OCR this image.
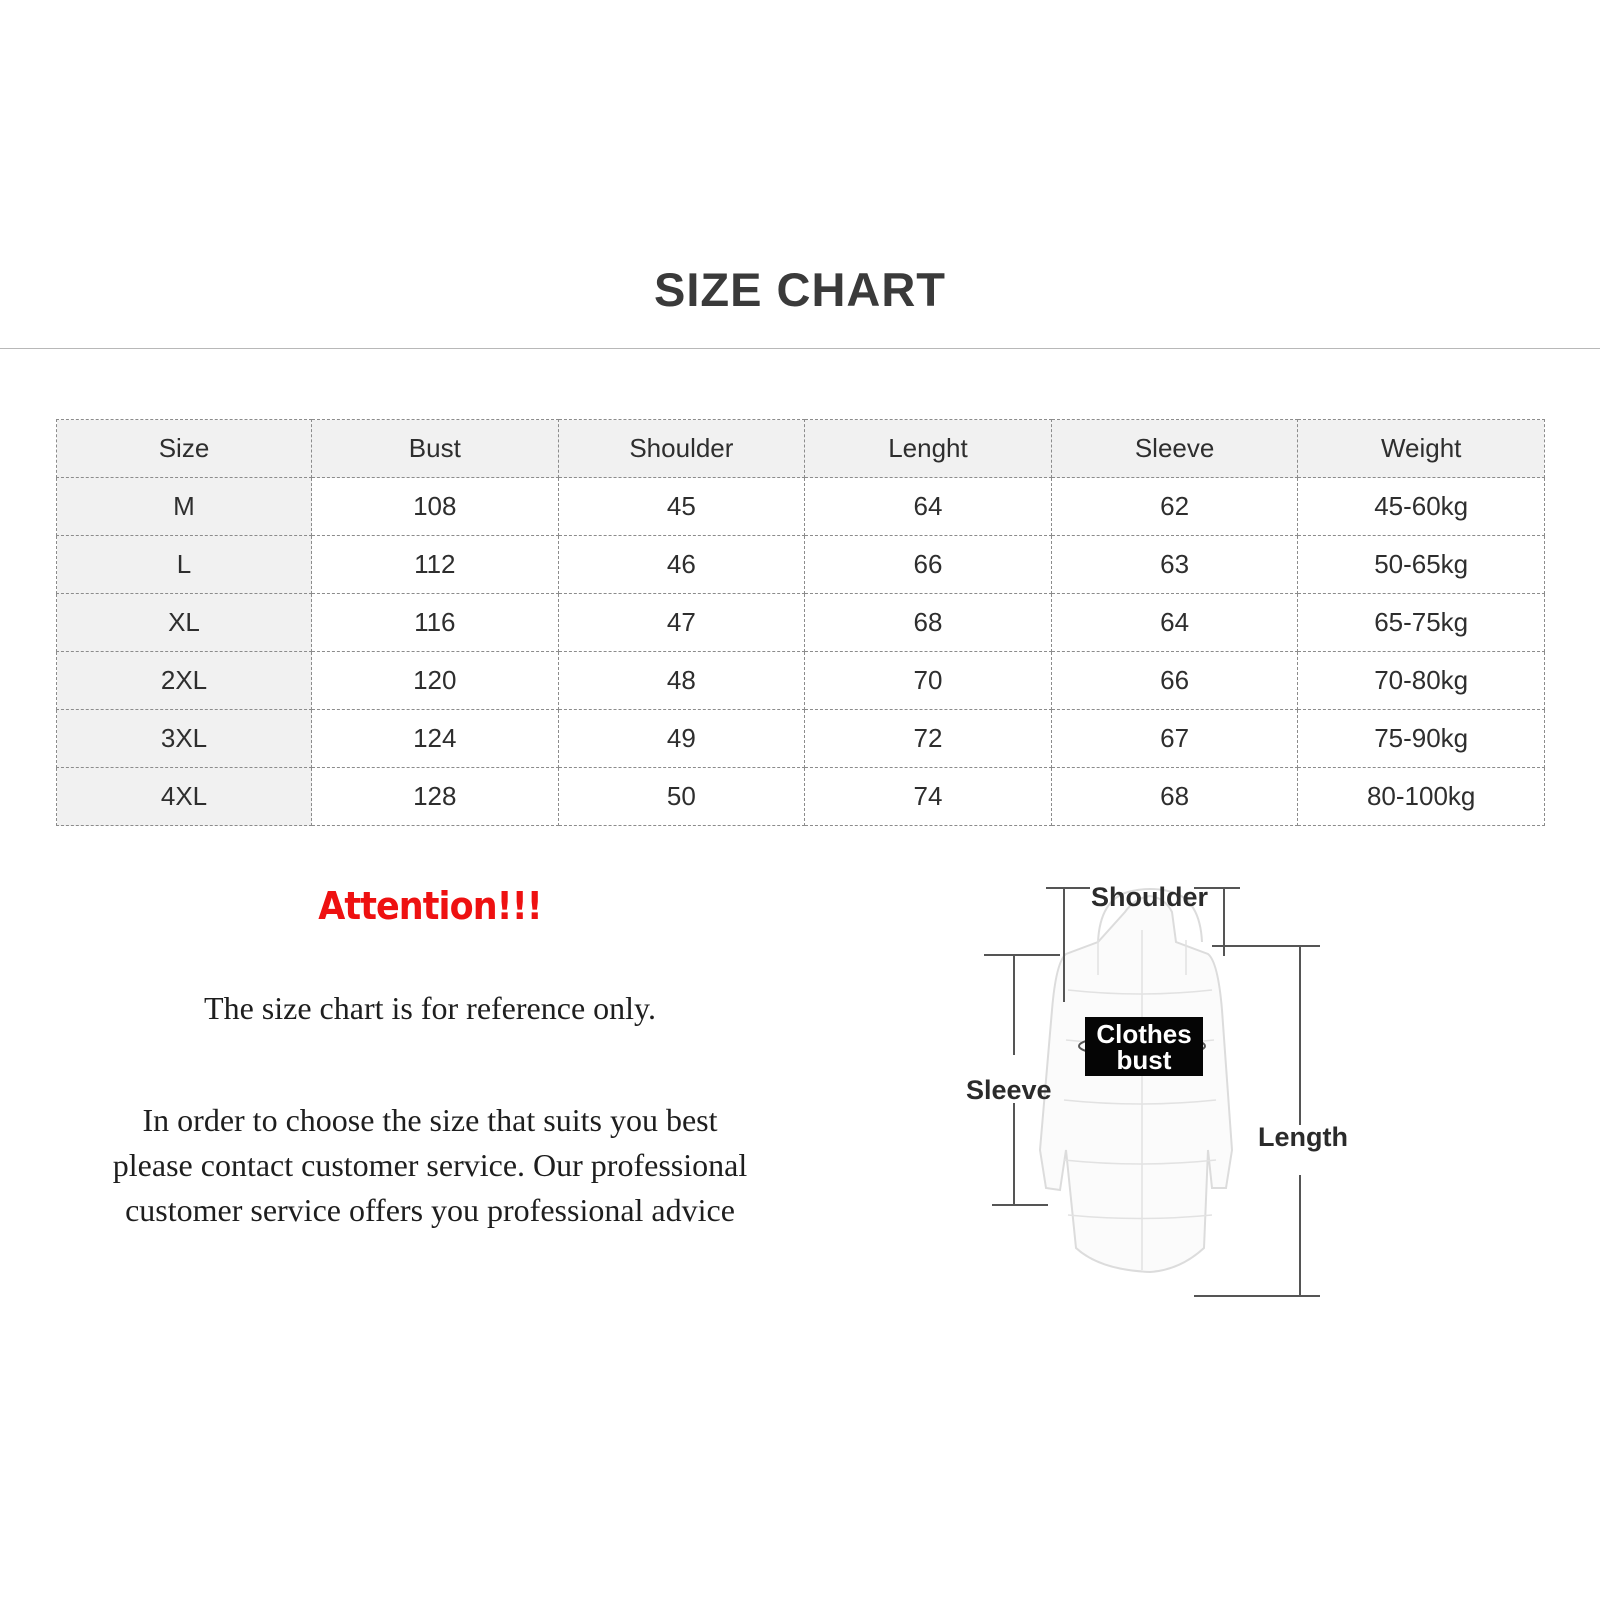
SIZE CHART
Size	Bust	Shoulder	Lenght	Sleeve	Weight
M	108	45	64	62	45-60kg
L	112	46	66	63	50-65kg
XL	116	47	68	64	65-75kg
2XL	120	48	70	66	70-80kg
3XL	124	49	72	67	75-90kg
4XL	128	50	74	68	80-100kg
Attention!!!
The size chart is for reference only.
In order to choose the size that suits you best
please contact customer service. Our professional
customer service offers you professional advice
Shoulder
Sleeve
Length
Clothes
bust
